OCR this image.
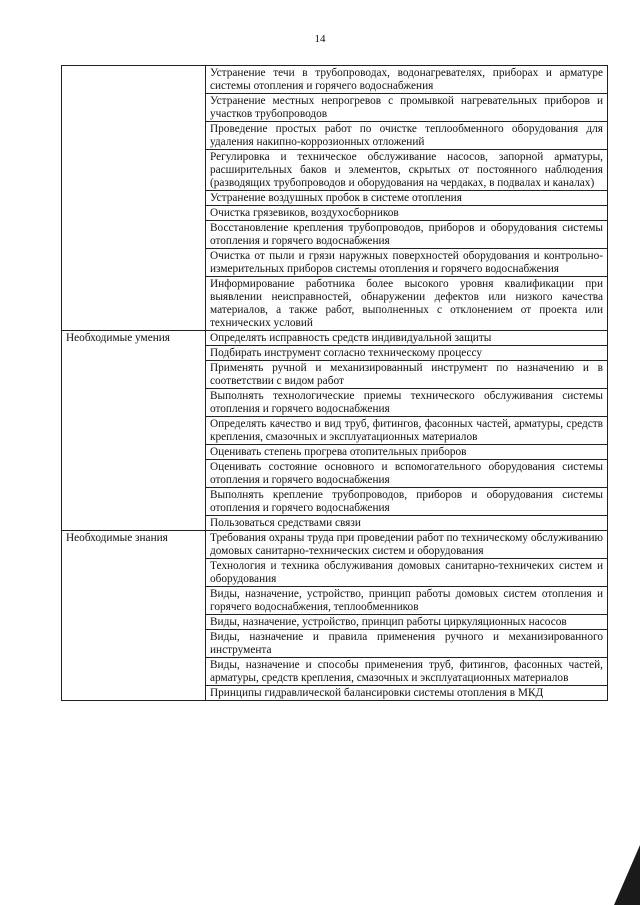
14
	Устранение течи в трубопроводах, водонагревателях, приборах и арматуре системы отопления и горячего водоснабжения
	Устранение местных непрогревов с промывкой нагревательных приборов и участков трубопроводов
	Проведение простых работ по очистке теплообменного оборудования для удаления накипно-коррозионных отложений
	Регулировка и техническое обслуживание насосов, запорной арматуры, расширительных баков и элементов, скрытых от постоянного наблюдения (разводящих трубопроводов и оборудования на чердаках, в подвалах и каналах)
	Устранение воздушных пробок в системе отопления
	Очистка грязевиков, воздухосборников
	Восстановление крепления трубопроводов, приборов и оборудования системы отопления и горячего водоснабжения
	Очистка от пыли и грязи наружных поверхностей оборудования и контрольно-измерительных приборов системы отопления и горячего водоснабжения
	Информирование работника более высокого уровня квалификации при выявлении неисправностей, обнаружении дефектов или низкого качества материалов, а также работ, выполненных с отклонением от проекта или технических условий
Необходимые умения	Определять исправность средств индивидуальной защиты
	Подбирать инструмент согласно техническому процессу
	Применять ручной и механизированный инструмент по назначению и в соответствии с видом работ
	Выполнять технологические приемы технического обслуживания системы отопления и горячего водоснабжения
	Определять качество и вид труб, фитингов, фасонных частей, арматуры, средств крепления, смазочных и эксплуатационных материалов
	Оценивать степень прогрева отопительных приборов
	Оценивать состояние основного и вспомогательного оборудования системы отопления и горячего водоснабжения
	Выполнять крепление трубопроводов, приборов и оборудования системы отопления и горячего водоснабжения
	Пользоваться средствами связи
Необходимые знания	Требования охраны труда при проведении работ по техническому обслуживанию домовых санитарно-технических систем и оборудования
	Технология и техника обслуживания домовых санитарно-техничеких систем и оборудования
	Виды, назначение, устройство, принцип работы домовых систем отопления и горячего водоснабжения, теплообменников
	Виды, назначение, устройство, принцип работы циркуляционных насосов
	Виды, назначение и правила применения ручного и механизированного инструмента
	Виды, назначение и способы применения труб, фитингов, фасонных частей, арматуры, средств крепления, смазочных и эксплуатационных материалов
	Принципы гидравлической балансировки системы отопления в МКД
